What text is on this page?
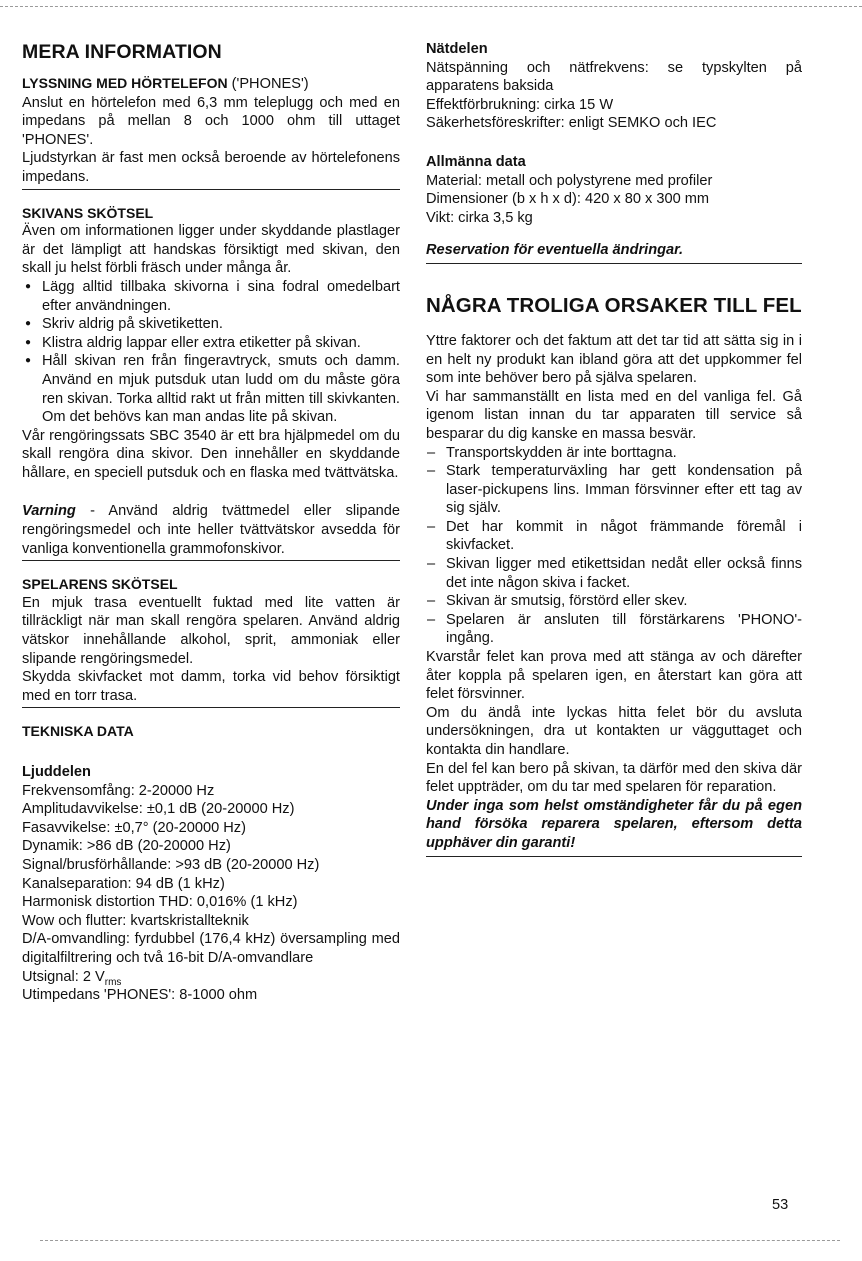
MERA INFORMATION
LYSSNING MED HÖRTELEFON ('PHONES')

Anslut en hörtelefon med 6,3 mm teleplugg och med en impedans på mellan 8 och 1000 ohm till uttaget 'PHONES'.

Ljudstyrkan är fast men också beroende av hörtelefonens impedans.

SKIVANS SKÖTSEL

Även om informationen ligger under skyddande plastlager är det lämpligt att handskas försiktigt med skivan, den skall ju helst förbli fräsch under många år.

● Lägg alltid tillbaka skivorna i sina fodral omedelbart efter användningen.
● Skriv aldrig på skivetiketten.
● Klistra aldrig lappar eller extra etiketter på skivan.
● Håll skivan ren från fingeravtryck, smuts och damm. Använd en mjuk putsduk utan ludd om du måste göra ren skivan. Torka alltid rakt ut från mitten till skivkanten. Om det behövs kan man andas lite på skivan.

Vår rengöringssats SBC 3540 är ett bra hjälpmedel om du skall rengöra dina skivor. Den innehåller en skyddande hållare, en speciell putsduk och en flaska med tvättvätska.

Varning - Använd aldrig tvättmedel eller slipande rengöringsmedel och inte heller tvättvätskor avsedda för vanliga konventionella grammofonskivor.

SPELARENS SKÖTSEL

En mjuk trasa eventuellt fuktad med lite vatten är tillräckligt när man skall rengöra spelaren. Använd aldrig vätskor innehållande alkohol, sprit, ammoniak eller slipande rengöringsmedel.

Skydda skivfacket mot damm, torka vid behov försiktigt med en torr trasa.

TEKNISKA DATA
Ljuddelen
Frekvensomfång: 2-20000 Hz
Amplitudavvikelse: ±0,1 dB (20-20000 Hz)
Fasavvikelse: ±0,7° (20-20000 Hz)
Dynamik: >86 dB (20-20000 Hz)
Signal/brusförhållande: >93 dB (20-20000 Hz)
Kanalseparation: 94 dB (1 kHz)
Harmonisk distortion THD: 0,016% (1 kHz)
Wow och flutter: kvartskristallteknik

D/A-omvandling: fyrdubbel (176,4 kHz) översampling med digitalfiltrering och två 16-bit D/A-omvandlare

Utsignal: 2 $V_{rms}$
Utimpedans 'PHONES': 8-1000 ohm
Nätdelen

Nätspänning och nätfrekvens: se typskylten på apparatens baksida

Effektförbrukning: cirka 15 W
Säkerhetsföreskrifter: enligt SEMKO och IEC
Allmänna data
Material: metall och polystyrene med profiler
Dimensioner (b x h x d): 420 x 80 x 300 mm
Vikt: cirka 3,5 kg
Reservation för eventuella ändringar.
NÅGRA TROLIGA ORSAKER TILL FEL

Yttre faktorer och det faktum att det tar tid att sätta sig in i en helt ny produkt kan ibland göra att det uppkommer fel som inte behöver bero på själva spelaren.

Vi har sammanställt en lista med en del vanliga fel. Gå igenom listan innan du tar apparaten till service så besparar du dig kanske en massa besvär.

– Transportskydden är inte borttagna.
– Stark temperaturväxling har gett kondensation på laser-pickupens lins. Imman försvinner efter ett tag av sig själv.
– Det har kommit in något främmande föremål i skivfacket.
– Skivan ligger med etikettsidan nedåt eller också finns det inte någon skiva i facket.
– Skivan är smutsig, förstörd eller skev.
– Spelaren är ansluten till förstärkarens 'PHONO'-ingång.

Kvarstår felet kan prova med att stänga av och därefter åter koppla på spelaren igen, en återstart kan göra att felet försvinner.

Om du ändå inte lyckas hitta felet bör du avsluta undersökningen, dra ut kontakten ur vägguttaget och kontakta din handlare.

En del fel kan bero på skivan, ta därför med den skiva där felet uppträder, om du tar med spelaren för reparation.

Under inga som helst omständigheter får du på egen hand försöka reparera spelaren, eftersom detta upphäver din garanti!

53
